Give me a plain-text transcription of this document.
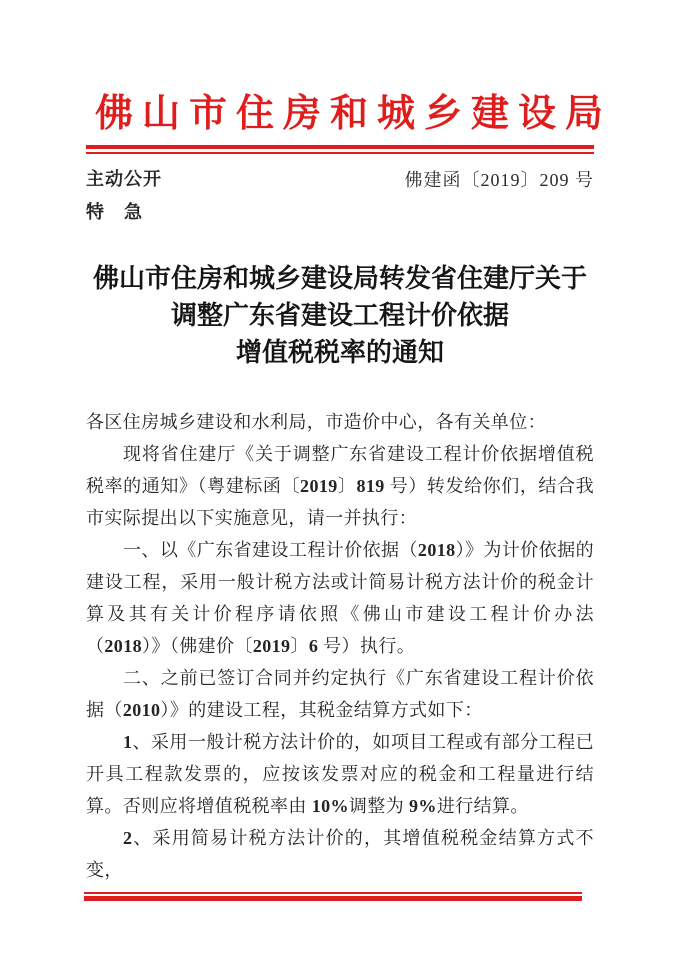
佛山市住房和城乡建设局
主动公开
特　急
佛建函〔2019〕209 号
佛山市住房和城乡建设局转发省住建厅关于
调整广东省建设工程计价依据
增值税税率的通知

各区住房城乡建设和水利局，市造价中心，各有关单位：

现将省住建厅《关于调整广东省建设工程计价依据增值税税率的通知》（粤建标函〔2019〕819 号）转发给你们，结合我市实际提出以下实施意见，请一并执行：

一、以《广东省建设工程计价依据（2018）》为计价依据的建设工程，采用一般计税方法或计简易计税方法计价的税金计算及其有关计价程序请依照《佛山市建设工程计价办法（2018）》（佛建价〔2019〕6 号）执行。

二、之前已签订合同并约定执行《广东省建设工程计价依据（2010）》的建设工程，其税金结算方式如下：

1、采用一般计税方法计价的，如项目工程或有部分工程已开具工程款发票的，应按该发票对应的税金和工程量进行结算。否则应将增值税税率由 10%调整为 9%进行结算。

2、采用简易计税方法计价的，其增值税税金结算方式不变，
